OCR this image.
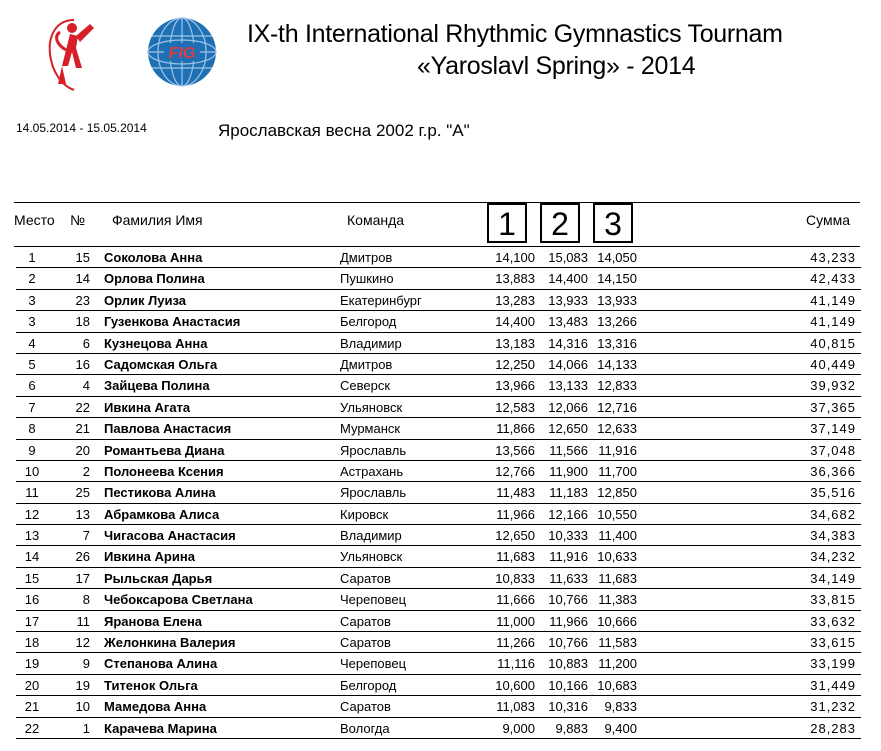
FIG
IX-th International Rhythmic Gymnastics Tournam
«Yaroslavl Spring» - 2014
14.05.2014 - 15.05.2014	Ярославская весна 2002 г.р. "А"
Место № Фамилия Имя	Команда	1	2	3	Сумма
1	15 Соколова Анна	Дмитров	14,100	15,083 14,050	43,233
2	14 Орлова Полина	Пушкино	13,883	14,400 14,150	42,433
3	23 Орлик Луиза	Екатеринбург	13,283	13,933 13,933	41,149
3	18 Гузенкова Анастасия	Белгород	14,400	13,483 13,266	41,149
4	6 Кузнецова Анна	Владимир	13,183	14,316 13,316	40,815
5	16 Садомская Ольга	Дмитров	12,250	14,066 14,133	40,449
6	4 Зайцева Полина	Северск	13,966	13,133 12,833	39,932
7	22 Ивкина Агата	Ульяновск	12,583	12,066 12,716	37,365
8	21 Павлова Анастасия	Мурманск	11,866	12,650 12,633	37,149
9	20 Романтьева Диана	Ярославль	13,566	11,566 11,916	37,048
10	2 Полонеева Ксения	Астрахань	12,766	11,900 11,700	36,366
11	25 Пестикова Алина	Ярославль	11,483	11,183 12,850	35,516
12	13 Абрамкова Алиса	Кировск	11,966	12,166 10,550	34,682
13	7 Чигасова Анастасия	Владимир	12,650	10,333 11,400	34,383
14	26 Ивкина Арина	Ульяновск	11,683	11,916 10,633	34,232
15	17 Рыльская Дарья	Саратов	10,833	11,633 11,683	34,149
16	8 Чебоксарова Светлана	Череповец	11,666	10,766 11,383	33,815
17	11 Яранова Елена	Саратов	11,000	11,966 10,666	33,632
18	12 Желонкина Валерия	Саратов	11,266	10,766 11,583	33,615
19	9 Степанова Алина	Череповец	11,116	10,883 11,200	33,199
20	19 Титенок Ольга	Белгород	10,600	10,166 10,683	31,449
21	10 Мамедова Анна	Саратов	11,083	10,316	9,833	31,232
22	1 Карачева Марина	Вологда	9,000	9,883	9,400	28,283
